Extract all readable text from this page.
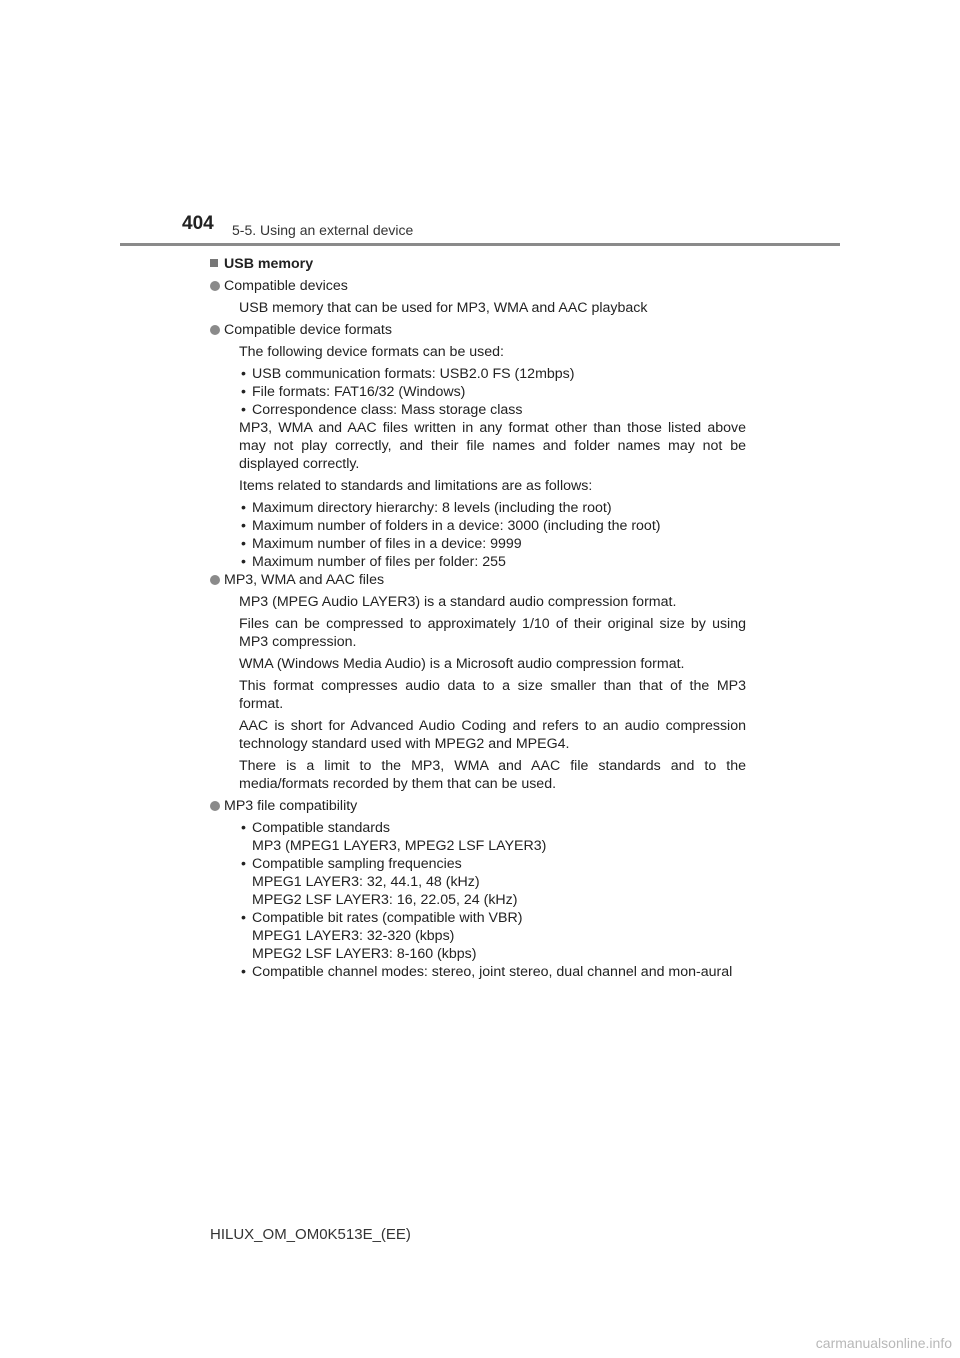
404 5-5. Using an external device
USB memory
Compatible devices

USB memory that can be used for MP3, WMA and AAC playback

Compatible device formats

The following device formats can be used:

• USB communication formats: USB2.0 FS (12mbps)
• File formats: FAT16/32 (Windows)
• Correspondence class: Mass storage class

MP3, WMA and AAC files written in any format other than those listed above may not play correctly, and their file names and folder names may not be displayed correctly.

Items related to standards and limitations are as follows:

• Maximum directory hierarchy: 8 levels (including the root)
• Maximum number of folders in a device: 3000 (including the root)
• Maximum number of files in a device: 9999
• Maximum number of files per folder: 255
MP3, WMA and AAC files

MP3 (MPEG Audio LAYER3) is a standard audio compression format.

Files can be compressed to approximately 1/10 of their original size by using MP3 compression.

WMA (Windows Media Audio) is a Microsoft audio compression format.

This format compresses audio data to a size smaller than that of the MP3 format.

AAC is short for Advanced Audio Coding and refers to an audio compression technology standard used with MPEG2 and MPEG4.

There is a limit to the MP3, WMA and AAC file standards and to the media/formats recorded by them that can be used.

MP3 file compatibility
• Compatible standards
MP3 (MPEG1 LAYER3, MPEG2 LSF LAYER3)
• Compatible sampling frequencies
MPEG1 LAYER3: 32, 44.1, 48 (kHz)
MPEG2 LSF LAYER3: 16, 22.05, 24 (kHz)
• Compatible bit rates (compatible with VBR)
MPEG1 LAYER3: 32-320 (kbps)
MPEG2 LSF LAYER3: 8-160 (kbps)
• Compatible channel modes: stereo, joint stereo, dual channel and mon-aural
HILUX_OM_OM0K513E_(EE)
carmanualsonline.info
